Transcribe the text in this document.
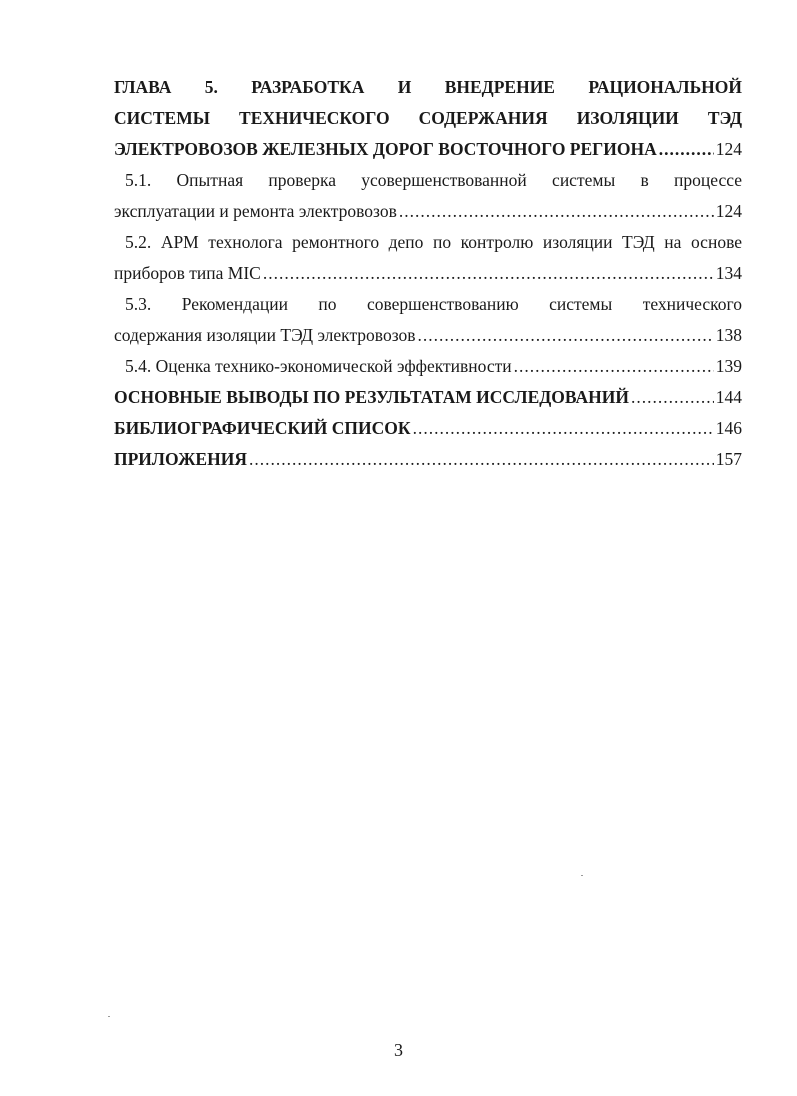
ГЛАВА 5. РАЗРАБОТКА И ВНЕДРЕНИЕ РАЦИОНАЛЬНОЙ
СИСТЕМЫ ТЕХНИЧЕСКОГО СОДЕРЖАНИЯ ИЗОЛЯЦИИ ТЭД
ЭЛЕКТРОВОЗОВ ЖЕЛЕЗНЫХ ДОРОГ ВОСТОЧНОГО РЕГИОНА .....	124
5.1. Опытная проверка усовершенствованной системы в процессе
эксплуатации и ремонта электровозов .....	124
5.2. АРМ технолога ремонтного депо по контролю изоляции ТЭД на основе
приборов типа MIC .....	134
5.3. Рекомендации по совершенствованию системы технического
содержания изоляции ТЭД электровозов .....	138
5.4. Оценка технико-экономической эффективности .....	139
ОСНОВНЫЕ ВЫВОДЫ ПО РЕЗУЛЬТАТАМ ИССЛЕДОВАНИЙ .....	144
БИБЛИОГРАФИЧЕСКИЙ СПИСОК .....	146
ПРИЛОЖЕНИЯ .....	157
3
